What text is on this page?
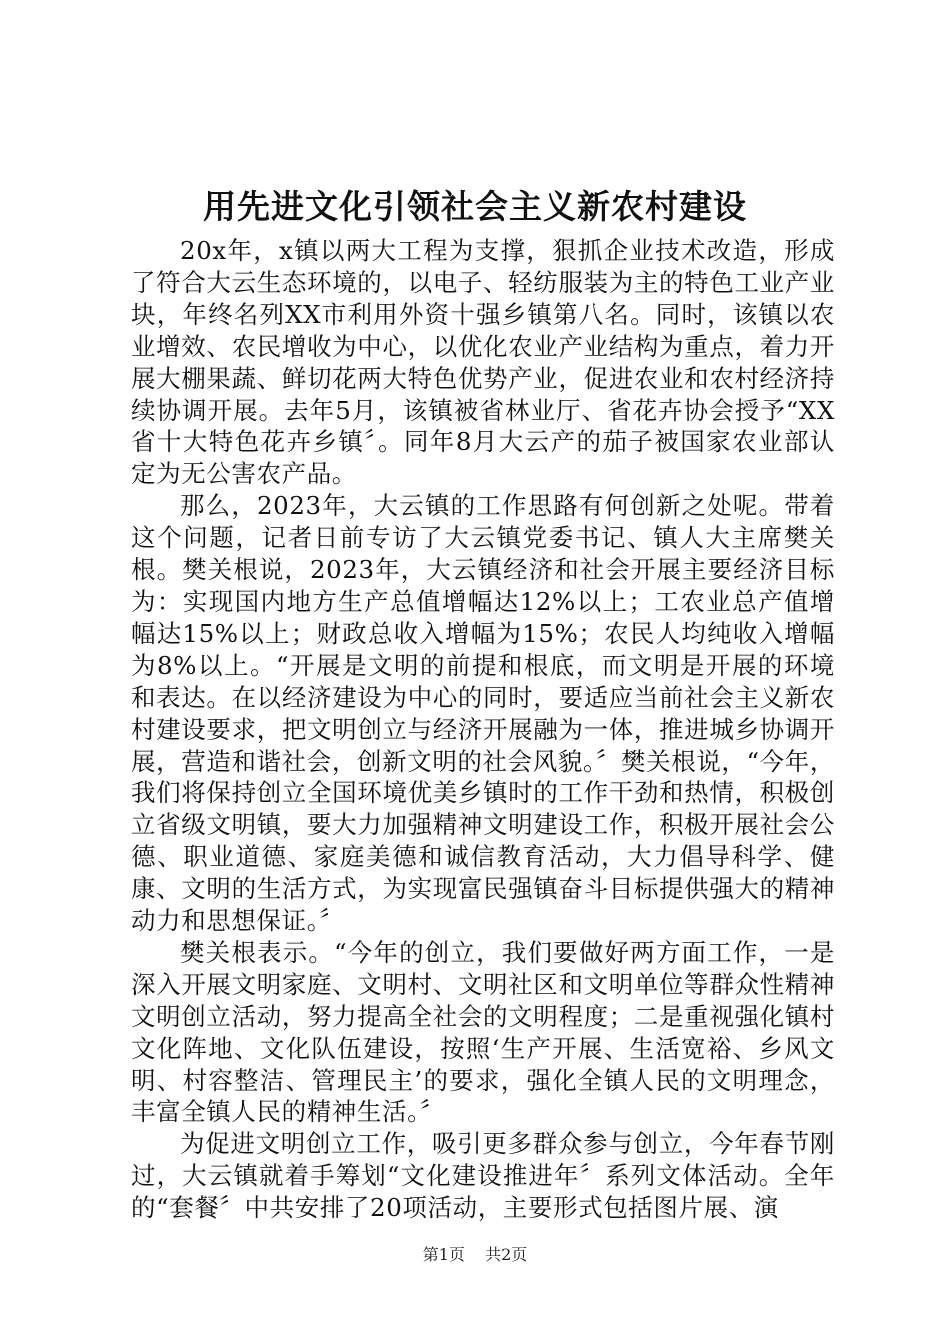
用先进文化引领社会主义新农村建设

20x年，x镇以两大工程为支撑，狠抓企业技术改造，形成了符合大云生态环境的，以电子、轻纺服装为主的特色工业产业块，年终名列XX市利用外资十强乡镇第八名。同时，该镇以农业增效、农民增收为中心，以优化农业产业结构为重点，着力开展大棚果蔬、鲜切花两大特色优势产业，促进农业和农村经济持续协调开展。去年5月，该镇被省林业厅、省花卉协会授予“XX省十大特色花卉乡镇〞。同年8月大云产的茄子被国家农业部认定为无公害农产品。

那么，2023年，大云镇的工作思路有何创新之处呢。带着这个问题，记者日前专访了大云镇党委书记、镇人大主席樊关根。樊关根说，2023年，大云镇经济和社会开展主要经济目标为：实现国内地方生产总值增幅达12%以上；工农业总产值增幅达15%以上；财政总收入增幅为15%；农民人均纯收入增幅为8%以上。“开展是文明的前提和根底，而文明是开展的环境和表达。在以经济建设为中心的同时，要适应当前社会主义新农村建设要求，把文明创立与经济开展融为一体，推进城乡协调开展，营造和谐社会，创新文明的社会风貌。〞樊关根说，“今年，我们将保持创立全国环境优美乡镇时的工作干劲和热情，积极创立省级文明镇，要大力加强精神文明建设工作，积极开展社会公德、职业道德、家庭美德和诚信教育活动，大力倡导科学、健康、文明的生活方式，为实现富民强镇奋斗目标提供强大的精神动力和思想保证。〞

樊关根表示。“今年的创立，我们要做好两方面工作，一是深入开展文明家庭、文明村、文明社区和文明单位等群众性精神文明创立活动，努力提高全社会的文明程度；二是重视强化镇村文化阵地、文化队伍建设，按照‘生产开展、生活宽裕、乡风文明、村容整洁、管理民主’的要求，强化全镇人民的文明理念，丰富全镇人民的精神生活。〞

为促进文明创立工作，吸引更多群众参与创立，今年春节刚过，大云镇就着手筹划“文化建设推进年〞系列文体活动。全年的“套餐〞中共安排了20项活动，主要形式包括图片展、演

第1页 共2页
